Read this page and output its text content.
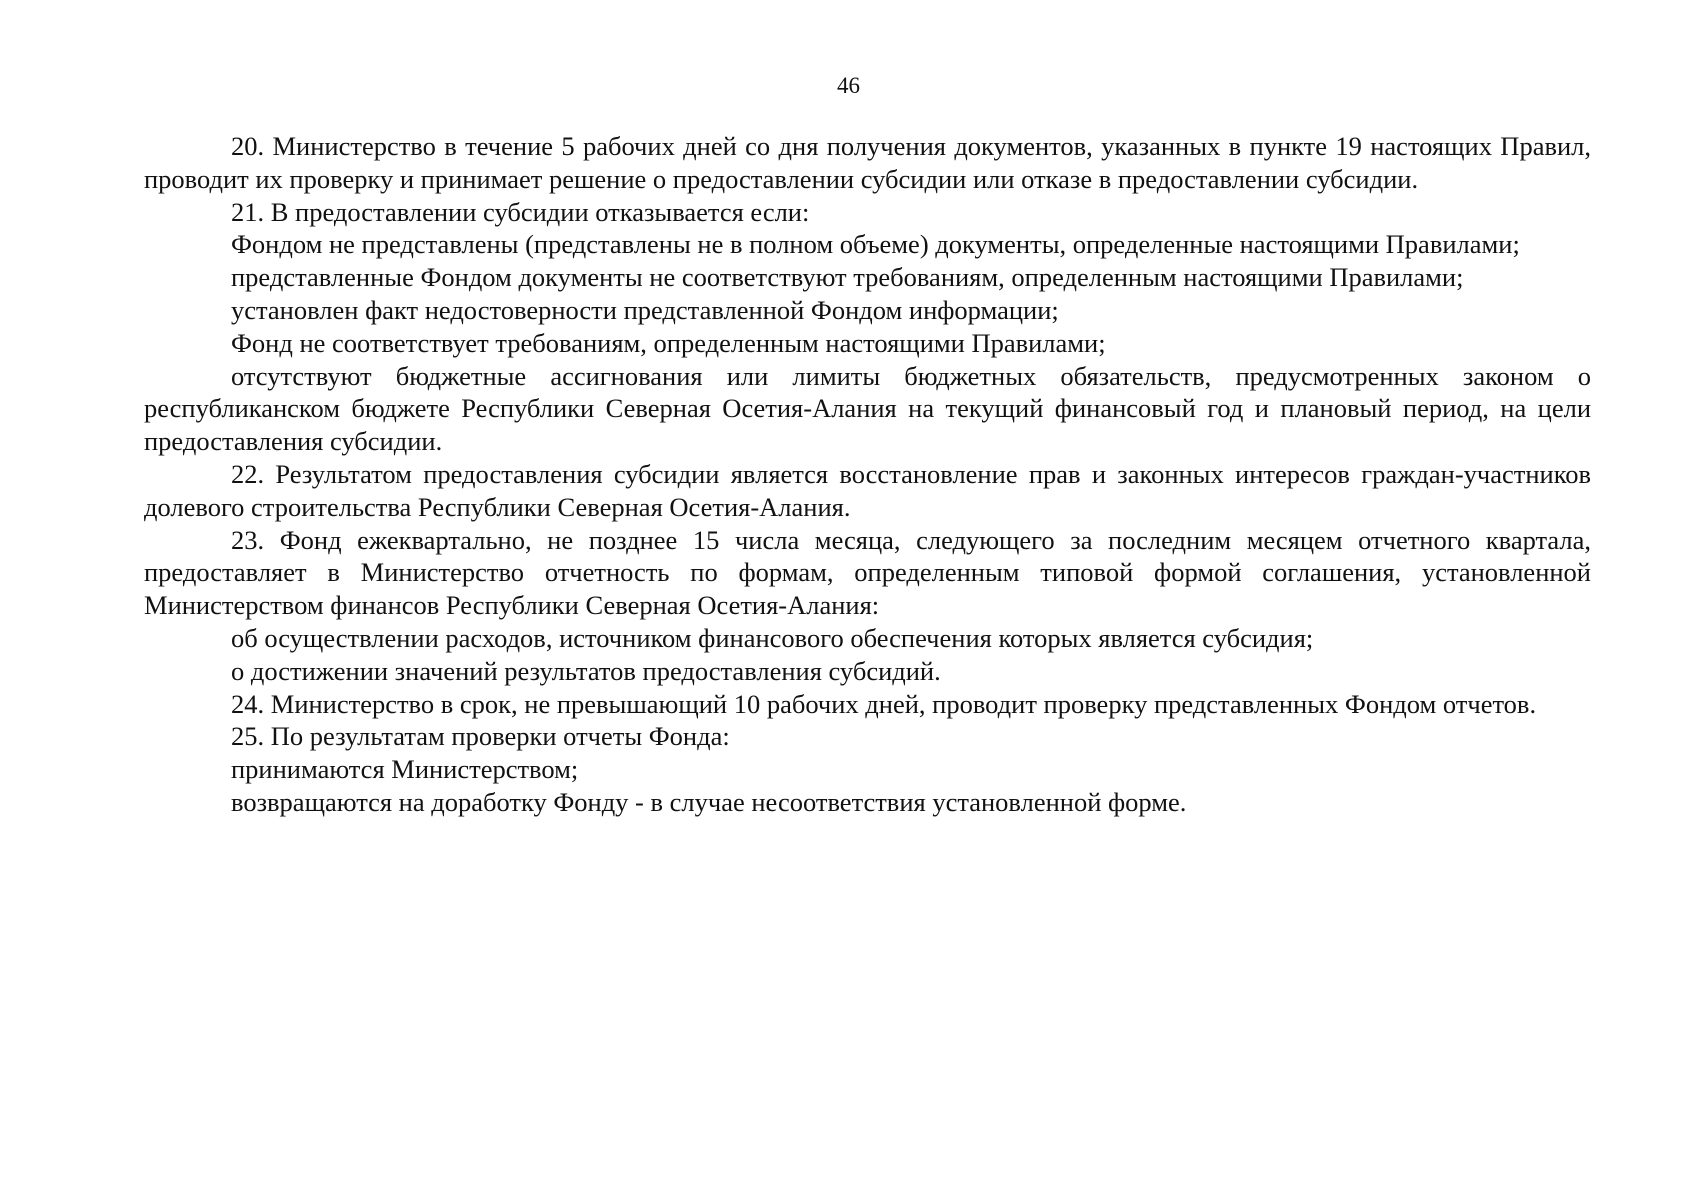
46

20. Министерство в течение 5 рабочих дней со дня получения документов, указанных в пункте 19 настоящих Правил, проводит их проверку и принимает решение о предоставлении субсидии или отказе в предоставлении субсидии.

21. В предоставлении субсидии отказывается если:

Фондом не представлены (представлены не в полном объеме) документы, определенные настоящими Правилами;

представленные Фондом документы не соответствуют требованиям, определенным настоящими Правилами;

установлен факт недостоверности представленной Фондом информации;

Фонд не соответствует требованиям, определенным настоящими Правилами;

отсутствуют бюджетные ассигнования или лимиты бюджетных обязательств, предусмотренных законом о республиканском бюджете Республики Северная Осетия-Алания на текущий финансовый год и плановый период, на цели предоставления субсидии.

22. Результатом предоставления субсидии является восстановление прав и законных интересов граждан-участников долевого строительства Республики Северная Осетия-Алания.

23. Фонд ежеквартально, не позднее 15 числа месяца, следующего за последним месяцем отчетного квартала, предоставляет в Министерство отчетность по формам, определенным типовой формой соглашения, установленной Министерством финансов Республики Северная Осетия-Алания:

об осуществлении расходов, источником финансового обеспечения которых является субсидия;

о достижении значений результатов предоставления субсидий.

24. Министерство в срок, не превышающий 10 рабочих дней, проводит проверку представленных Фондом отчетов.

25. По результатам проверки отчеты Фонда:

принимаются Министерством;

возвращаются на доработку Фонду - в случае несоответствия установленной форме.
